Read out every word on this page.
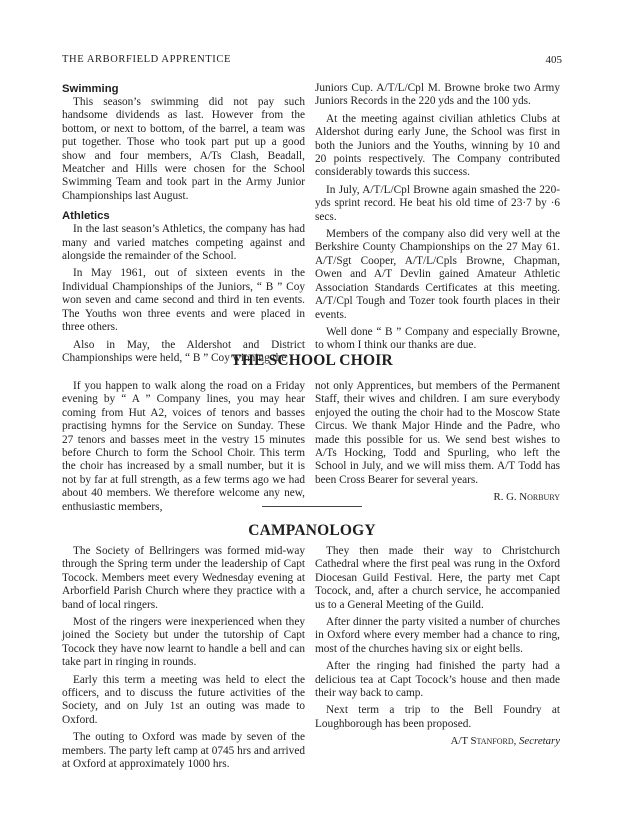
THE ARBORFIELD APPRENTICE	405
Swimming

This season’s swimming did not pay such handsome dividends as last. However from the bottom, or next to bottom, of the barrel, a team was put together. Those who took part put up a good show and four members, A/Ts Clash, Beadall, Meatcher and Hills were chosen for the School Swimming Team and took part in the Army Junior Championships last August.

Athletics

In the last season’s Athletics, the company has had many and varied matches competing against and alongside the remainder of the School.

In May 1961, out of sixteen events in the Individual Championships of the Juniors, “ B ” Coy won seven and came second and third in ten events. The Youths won three events and were placed in three others.

Also in May, the Aldershot and District Championships were held, “ B ” Coy winning the

Juniors Cup. A/T/L/Cpl M. Browne broke two Army Juniors Records in the 220 yds and the 100 yds.

At the meeting against civilian athletics Clubs at Aldershot during early June, the School was first in both the Juniors and the Youths, winning by 10 and 20 points respectively. The Company contributed considerably towards this success.

In July, A/T/L/Cpl Browne again smashed the 220-yds sprint record. He beat his old time of 23·7 by ·6 secs.

Members of the company also did very well at the Berkshire County Championships on the 27 May 61. A/T/Sgt Cooper, A/T/L/Cpls Browne, Chapman, Owen and A/T Devlin gained Amateur Athletic Association Standards Certificates at this meeting. A/T/Cpl Tough and Tozer took fourth places in their events.

Well done “ B ” Company and especially Browne, to whom I think our thanks are due.

THE SCHOOL CHOIR

If you happen to walk along the road on a Friday evening by “ A ” Company lines, you may hear coming from Hut A2, voices of tenors and basses practising hymns for the Service on Sunday. These 27 tenors and basses meet in the vestry 15 minutes before Church to form the School Choir. This term the choir has increased by a small number, but it is not by far at full strength, as a few terms ago we had about 40 members. We therefore welcome any new, enthusiastic members,

not only Apprentices, but members of the Permanent Staff, their wives and children. I am sure everybody enjoyed the outing the choir had to the Moscow State Circus. We thank Major Hinde and the Padre, who made this possible for us. We send best wishes to A/Ts Hocking, Todd and Spurling, who left the School in July, and we will miss them. A/T Todd has been Cross Bearer for several years.

R. G. Norbury
CAMPANOLOGY

The Society of Bellringers was formed mid-way through the Spring term under the leadership of Capt Tocock. Members meet every Wednesday evening at Arborfield Parish Church where they practice with a band of local ringers.

Most of the ringers were inexperienced when they joined the Society but under the tutorship of Capt Tocock they have now learnt to handle a bell and can take part in ringing in rounds.

Early this term a meeting was held to elect the officers, and to discuss the future activities of the Society, and on July 1st an outing was made to Oxford.

The outing to Oxford was made by seven of the members. The party left camp at 0745 hrs and arrived at Oxford at approximately 1000 hrs.

They then made their way to Christchurch Cathedral where the first peal was rung in the Oxford Diocesan Guild Festival. Here, the party met Capt Tocock, and, after a church service, he accompanied us to a General Meeting of the Guild.

After dinner the party visited a number of churches in Oxford where every member had a chance to ring, most of the churches having six or eight bells.

After the ringing had finished the party had a delicious tea at Capt Tocock’s house and then made their way back to camp.

Next term a trip to the Bell Foundry at Loughborough has been proposed.

A/T Stanford, Secretary
